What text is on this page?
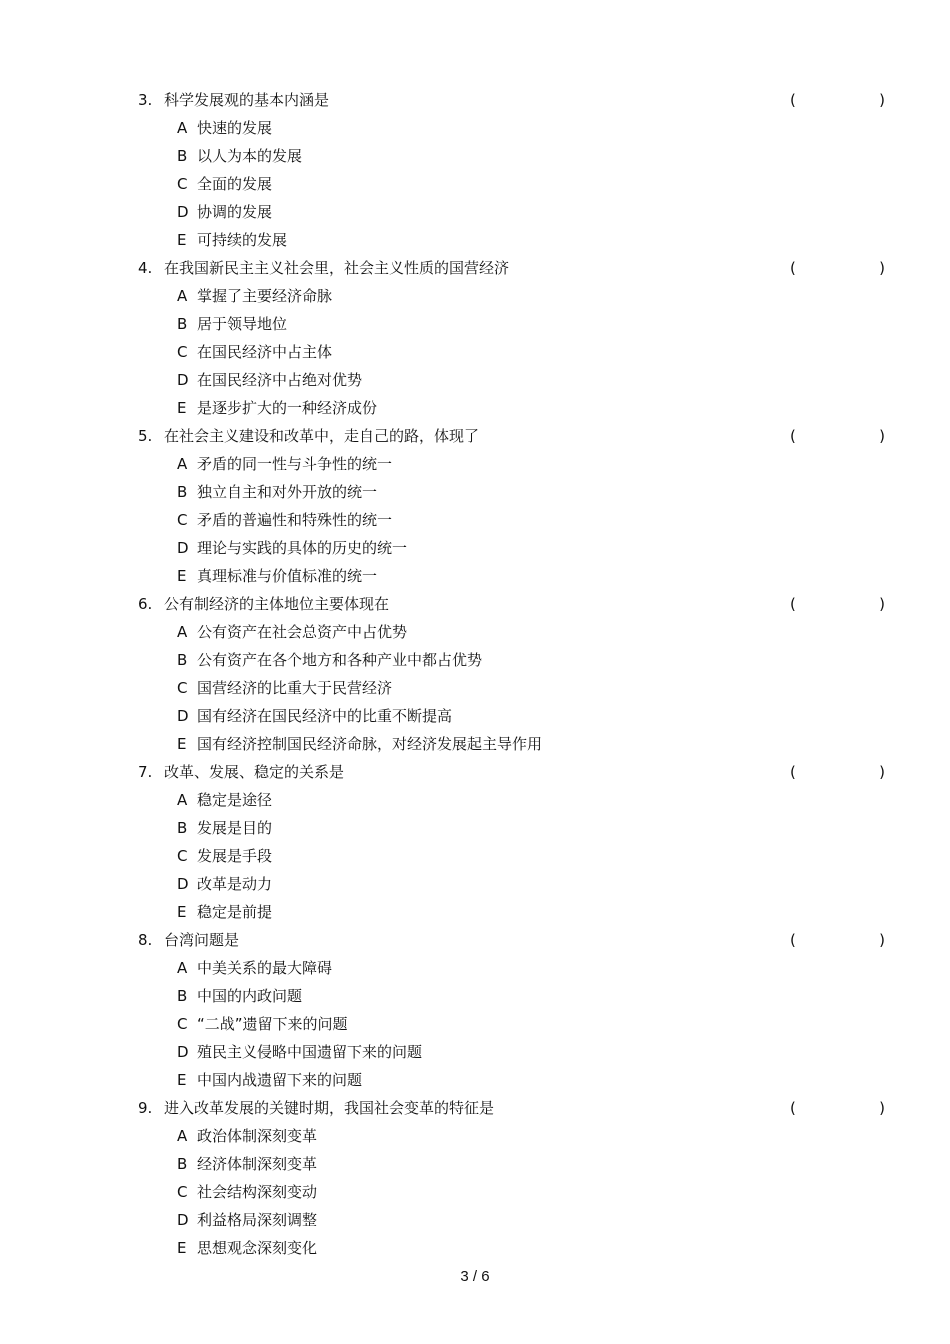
3. 科学发展观的基本内涵是	(	)
A 快速的发展
B 以人为本的发展
C 全面的发展
D 协调的发展
E 可持续的发展
4. 在我国新民主主义社会里，社会主义性质的国营经济	(	)
A 掌握了主要经济命脉
B 居于领导地位
C 在国民经济中占主体
D 在国民经济中占绝对优势
E 是逐步扩大的一种经济成份
5. 在社会主义建设和改革中，走自己的路，体现了	(	)
A 矛盾的同一性与斗争性的统一
B 独立自主和对外开放的统一
C 矛盾的普遍性和特殊性的统一
D 理论与实践的具体的历史的统一
E 真理标准与价值标准的统一
6. 公有制经济的主体地位主要体现在	(	)
A 公有资产在社会总资产中占优势
B 公有资产在各个地方和各种产业中都占优势
C 国营经济的比重大于民营经济
D 国有经济在国民经济中的比重不断提高
E 国有经济控制国民经济命脉，对经济发展起主导作用
7. 改革、发展、稳定的关系是	(	)
A 稳定是途径
B 发展是目的
C 发展是手段
D 改革是动力
E 稳定是前提
8. 台湾问题是	(	)
A 中美关系的最大障碍
B 中国的内政问题
C “二战”遗留下来的问题
D 殖民主义侵略中国遗留下来的问题
E 中国内战遗留下来的问题
9. 进入改革发展的关键时期，我国社会变革的特征是	(	)
A 政治体制深刻变革
B 经济体制深刻变革
C 社会结构深刻变动
D 利益格局深刻调整
E 思想观念深刻变化
3 / 6
